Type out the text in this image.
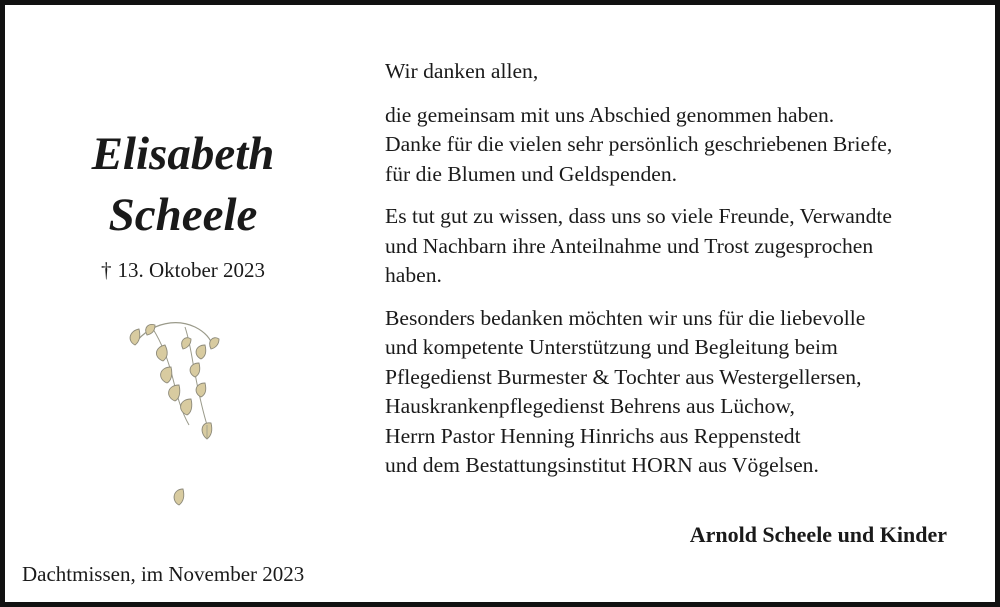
Elisabeth
Scheele
† 13. Oktober 2023
Dachtmissen, im November 2023

Wir danken allen,

die gemeinsam mit uns Abschied genommen haben.

Danke für die vielen sehr persönlich geschriebenen Briefe,

für die Blumen und Geldspenden.

Es tut gut zu wissen, dass uns so viele Freunde, Verwandte

und Nachbarn ihre Anteilnahme und Trost zugesprochen

haben.

Besonders bedanken möchten wir uns für die liebevolle

und kompetente Unterstützung und Begleitung beim

Pflegedienst Burmester & Tochter aus Westergellersen,

Hauskrankenpflegedienst Behrens aus Lüchow,

Herrn Pastor Henning Hinrichs aus Reppenstedt

und dem Bestattungsinstitut HORN aus Vögelsen.

Arnold Scheele und Kinder
